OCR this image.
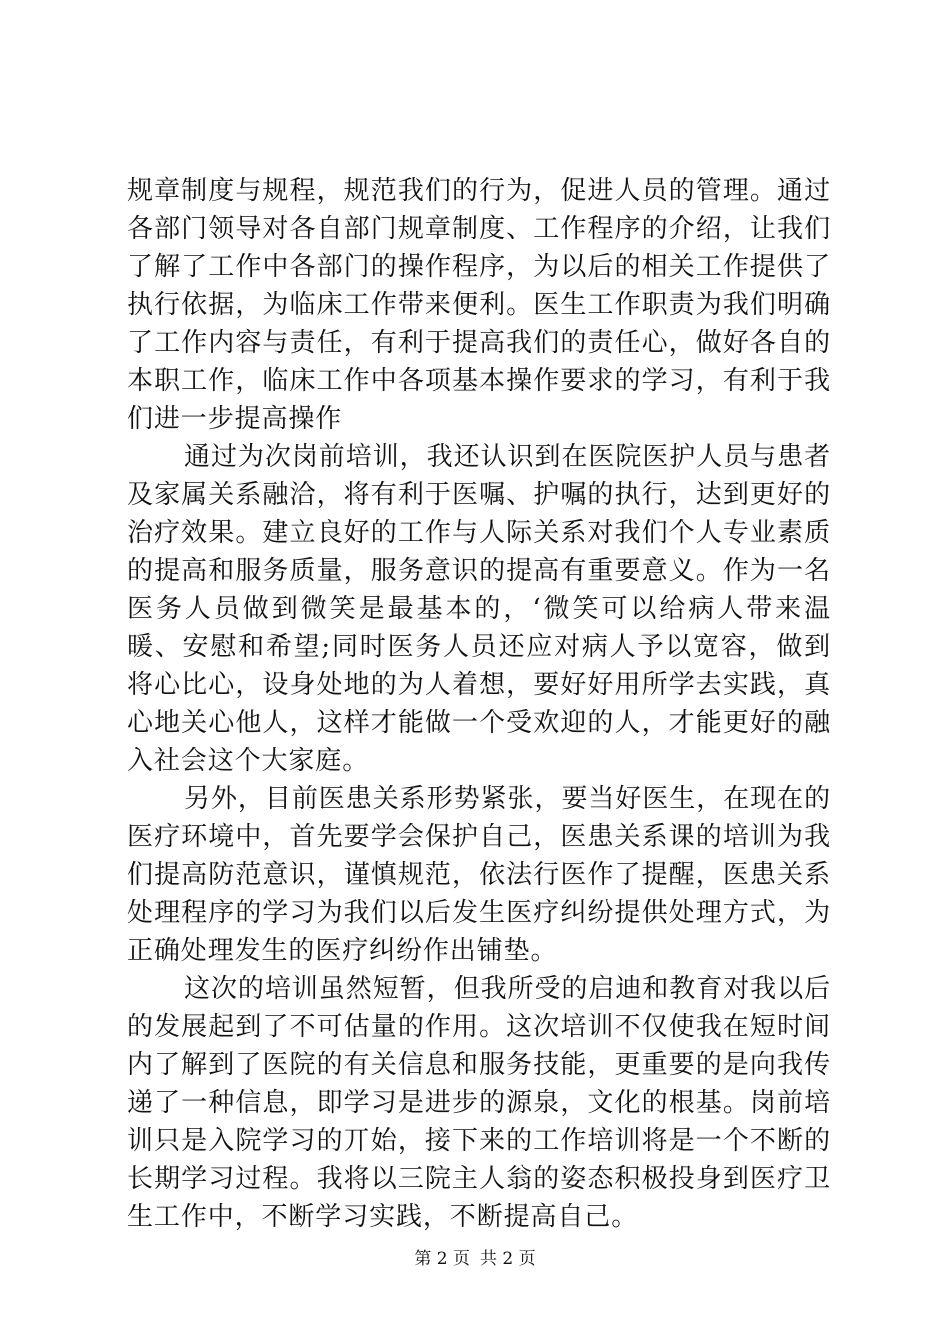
规章制度与规程，规范我们的行为，促进人员的管理。通过各部门领导对各自部门规章制度、工作程序的介绍，让我们了解了工作中各部门的操作程序，为以后的相关工作提供了执行依据，为临床工作带来便利。医生工作职责为我们明确了工作内容与责任，有利于提高我们的责任心，做好各自的本职工作，临床工作中各项基本操作要求的学习，有利于我们进一步提高操作

通过为次岗前培训，我还认识到在医院医护人员与患者及家属关系融洽，将有利于医嘱、护嘱的执行，达到更好的治疗效果。建立良好的工作与人际关系对我们个人专业素质的提高和服务质量，服务意识的提高有重要意义。作为一名医务人员做到微笑是最基本的，‘微笑可以给病人带来温暖、安慰和希望;同时医务人员还应对病人予以宽容，做到将心比心，设身处地的为人着想，要好好用所学去实践，真心地关心他人，这样才能做一个受欢迎的人，才能更好的融入社会这个大家庭。

另外，目前医患关系形势紧张，要当好医生，在现在的医疗环境中，首先要学会保护自己，医患关系课的培训为我们提高防范意识，谨慎规范，依法行医作了提醒，医患关系处理程序的学习为我们以后发生医疗纠纷提供处理方式，为正确处理发生的医疗纠纷作出铺垫。

这次的培训虽然短暂，但我所受的启迪和教育对我以后的发展起到了不可估量的作用。这次培训不仅使我在短时间内了解到了医院的有关信息和服务技能，更重要的是向我传递了一种信息，即学习是进步的源泉，文化的根基。岗前培训只是入院学习的丌始，接下来的工作培训将是一个不断的长期学习过程。我将以三院主人翁的姿态积极投身到医疗卫生工作中，不断学习实践，不断提高自己。

第 2 页 共 2 页
